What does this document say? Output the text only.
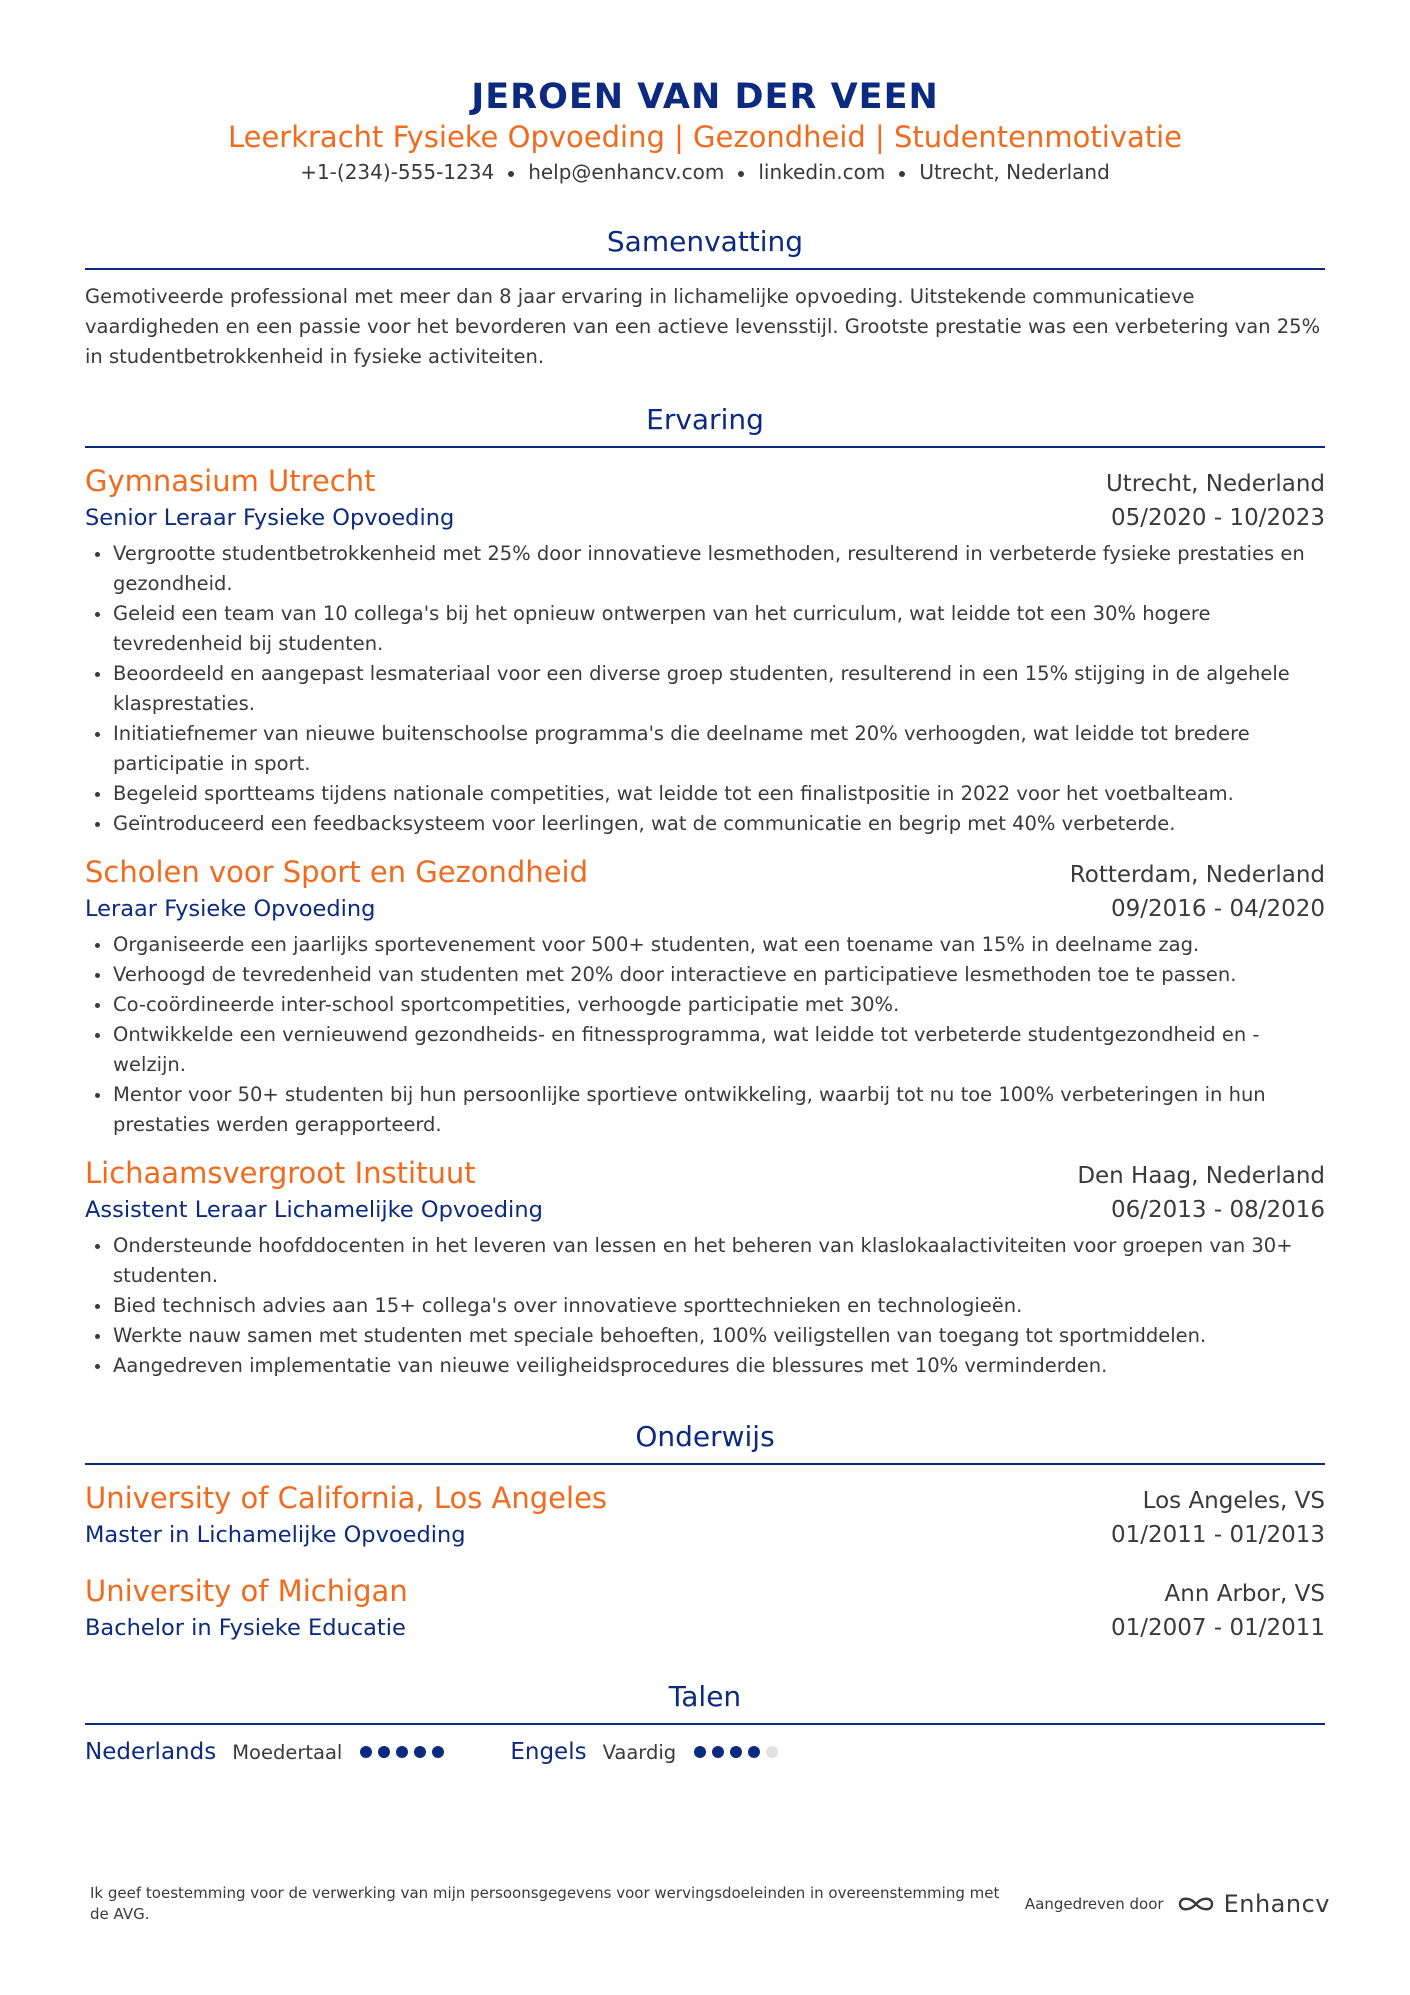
JEROEN VAN DER VEEN
Leerkracht Fysieke Opvoeding | Gezondheid | Studentenmotivatie
+1-(234)-555-1234 help@enhancv.com linkedin.com Utrecht, Nederland
Samenvatting

Gemotiveerde professional met meer dan 8 jaar ervaring in lichamelijke opvoeding. Uitstekende communicatieve vaardigheden en een passie voor het bevorderen van een actieve levensstijl. Grootste prestatie was een verbetering van 25% in studentbetrokkenheid in fysieke activiteiten.

Ervaring
Gymnasium Utrecht	Utrecht, Nederland
Senior Leraar Fysieke Opvoeding	05/2020 - 10/2023
Vergrootte studentbetrokkenheid met 25% door innovatieve lesmethoden, resulterend in verbeterde fysieke prestaties en gezondheid.
Geleid een team van 10 collega's bij het opnieuw ontwerpen van het curriculum, wat leidde tot een 30% hogere tevredenheid bij studenten.
Beoordeeld en aangepast lesmateriaal voor een diverse groep studenten, resulterend in een 15% stijging in de algehele klasprestaties.
Initiatiefnemer van nieuwe buitenschoolse programma's die deelname met 20% verhoogden, wat leidde tot bredere participatie in sport.
Begeleid sportteams tijdens nationale competities, wat leidde tot een finalistpositie in 2022 voor het voetbalteam.
Geïntroduceerd een feedbacksysteem voor leerlingen, wat de communicatie en begrip met 40% verbeterde.
Scholen voor Sport en Gezondheid	Rotterdam, Nederland
Leraar Fysieke Opvoeding	09/2016 - 04/2020
Organiseerde een jaarlijks sportevenement voor 500+ studenten, wat een toename van 15% in deelname zag.
Verhoogd de tevredenheid van studenten met 20% door interactieve en participatieve lesmethoden toe te passen.
Co-coördineerde inter-school sportcompetities, verhoogde participatie met 30%.
Ontwikkelde een vernieuwend gezondheids- en fitnessprogramma, wat leidde tot verbeterde studentgezondheid en -welzijn.
Mentor voor 50+ studenten bij hun persoonlijke sportieve ontwikkeling, waarbij tot nu toe 100% verbeteringen in hun prestaties werden gerapporteerd.
Lichaamsvergroot Instituut	Den Haag, Nederland
Assistent Leraar Lichamelijke Opvoeding	06/2013 - 08/2016
Ondersteunde hoofddocenten in het leveren van lessen en het beheren van klaslokaalactiviteiten voor groepen van 30+ studenten.
Bied technisch advies aan 15+ collega's over innovatieve sporttechnieken en technologieën.
Werkte nauw samen met studenten met speciale behoeften, 100% veiligstellen van toegang tot sportmiddelen.
Aangedreven implementatie van nieuwe veiligheidsprocedures die blessures met 10% verminderden.
Onderwijs
University of California, Los Angeles	Los Angeles, VS
Master in Lichamelijke Opvoeding	01/2011 - 01/2013
University of Michigan	Ann Arbor, VS
Bachelor in Fysieke Educatie	01/2007 - 01/2011
Talen
Nederlands Moedertaal	Engels Vaardig
Ik geef toestemming voor de verwerking van mijn persoonsgegevens voor wervingsdoeleinden in overeenstemming met de AVG.
Aangedreven door	Enhancv
